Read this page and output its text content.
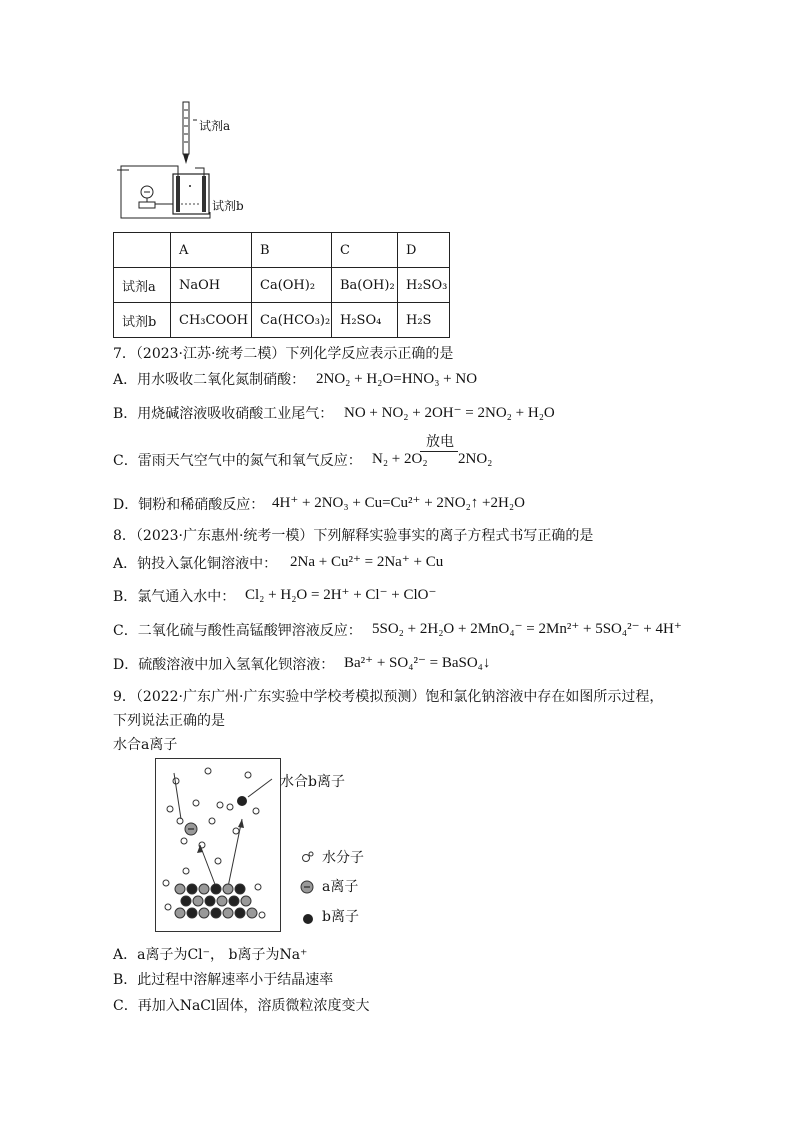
试剂a
试剂b
	A	B	C	D
试剂a	NaOH	Ca(OH)₂	Ba(OH)₂	H₂SO₃
试剂b	CH₃COOH	Ca(HCO₃)₂	H₂SO₄	H₂S
7．（2023·江苏·统考二模）下列化学反应表示正确的是
A．用水吸收二氧化氮制硝酸： 2NO₂ + H₂O=HNO₃ + NO
B．用烧碱溶液吸收硝酸工业尾气： NO + NO₂ + 2OH⁻ = 2NO₂ + H₂O
C．雷雨天气空气中的氮气和氧气反应： N₂ + 2O₂
放电
2NO₂
D．铜粉和稀硝酸反应： 4H⁺ + 2NO₃ + Cu=Cu²⁺ + 2NO₂↑ +2H₂O
8．（2023·广东惠州·统考一模）下列解释实验事实的离子方程式书写正确的是
A．钠投入氯化铜溶液中： 2Na + Cu²⁺ = 2Na⁺ + Cu
B．氯气通入水中： Cl₂ + H₂O = 2H⁺ + Cl⁻ + ClO⁻
C．二氧化硫与酸性高锰酸钾溶液反应： 5SO₂ + 2H₂O + 2MnO₄⁻ = 2Mn²⁺ + 5SO₄²⁻ + 4H⁺
D．硫酸溶液中加入氢氧化钡溶液： Ba²⁺ + SO₄²⁻ = BaSO₄↓
9．（2022·广东广州·广东实验中学校考模拟预测）饱和氯化钠溶液中存在如图所示过程，
下列说法正确的是
水合a离子
水合b离子
水分子
a离子
b离子
A．a离子为Cl⁻， b离子为Na⁺
B．此过程中溶解速率小于结晶速率
C．再加入NaCl固体，溶质微粒浓度变大
